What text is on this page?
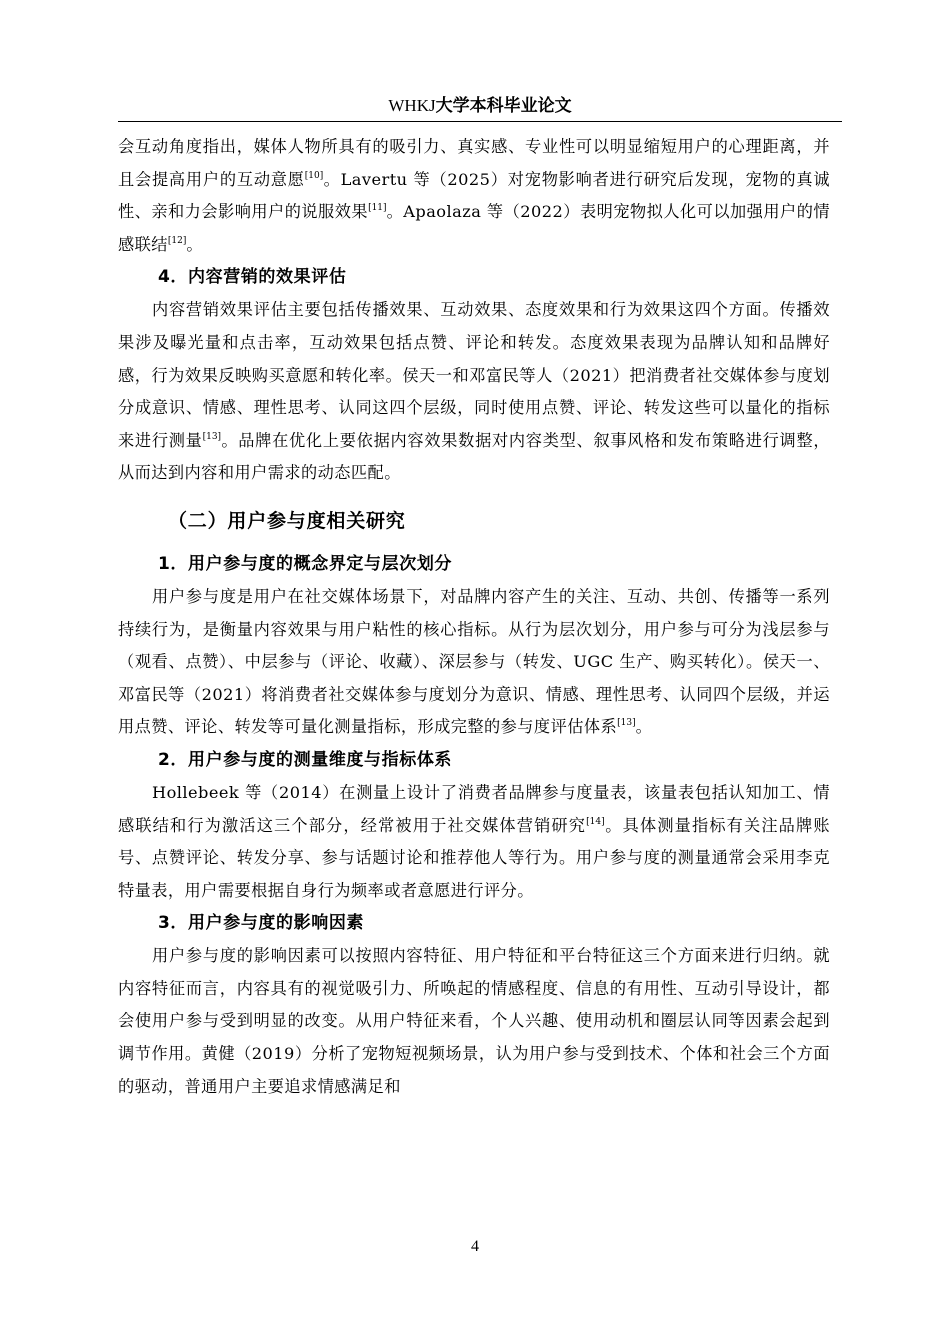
WHKJ大学本科毕业论文

会互动角度指出，媒体人物所具有的吸引力、真实感、专业性可以明显缩短用户的心理距离，并且会提高用户的互动意愿[10]。Lavertu 等（2025）对宠物影响者进行研究后发现，宠物的真诚性、亲和力会影响用户的说服效果[11]。Apaolaza 等（2022）表明宠物拟人化可以加强用户的情感联结[12]。

4．内容营销的效果评估

内容营销效果评估主要包括传播效果、互动效果、态度效果和行为效果这四个方面。传播效果涉及曝光量和点击率，互动效果包括点赞、评论和转发。态度效果表现为品牌认知和品牌好感，行为效果反映购买意愿和转化率。侯天一和邓富民等人（2021）把消费者社交媒体参与度划分成意识、情感、理性思考、认同这四个层级，同时使用点赞、评论、转发这些可以量化的指标来进行测量[13]。品牌在优化上要依据内容效果数据对内容类型、叙事风格和发布策略进行调整，从而达到内容和用户需求的动态匹配。

（二）用户参与度相关研究
1．用户参与度的概念界定与层次划分

用户参与度是用户在社交媒体场景下，对品牌内容产生的关注、互动、共创、传播等一系列持续行为，是衡量内容效果与用户粘性的核心指标。从行为层次划分，用户参与可分为浅层参与（观看、点赞）、中层参与（评论、收藏）、深层参与（转发、UGC 生产、购买转化）。侯天一、邓富民等（2021）将消费者社交媒体参与度划分为意识、情感、理性思考、认同四个层级，并运用点赞、评论、转发等可量化测量指标，形成完整的参与度评估体系[13]。

2．用户参与度的测量维度与指标体系

Hollebeek 等（2014）在测量上设计了消费者品牌参与度量表，该量表包括认知加工、情感联结和行为激活这三个部分，经常被用于社交媒体营销研究[14]。具体测量指标有关注品牌账号、点赞评论、转发分享、参与话题讨论和推荐他人等行为。用户参与度的测量通常会采用李克特量表，用户需要根据自身行为频率或者意愿进行评分。

3．用户参与度的影响因素

用户参与度的影响因素可以按照内容特征、用户特征和平台特征这三个方面来进行归纳。就内容特征而言，内容具有的视觉吸引力、所唤起的情感程度、信息的有用性、互动引导设计，都会使用户参与受到明显的改变。从用户特征来看，个人兴趣、使用动机和圈层认同等因素会起到调节作用。黄健（2019）分析了宠物短视频场景，认为用户参与受到技术、个体和社会三个方面的驱动，普通用户主要追求情感满足和

4
